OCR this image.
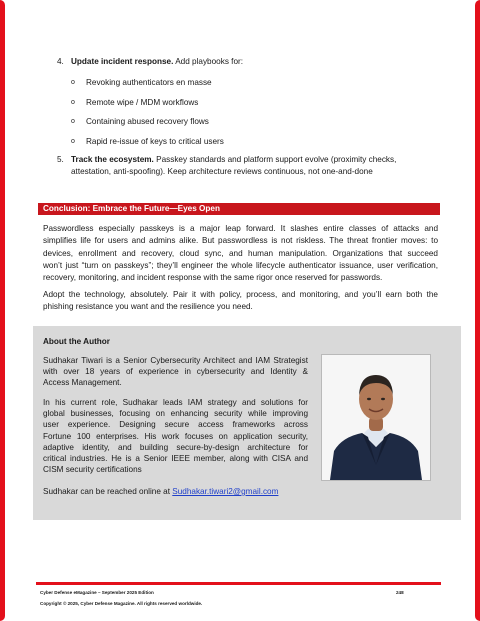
4. Update incident response. Add playbooks for:
o Revoking authenticators en masse
o Remote wipe / MDM workflows
o Containing abused recovery flows
o Rapid re-issue of keys to critical users
5. Track the ecosystem. Passkey standards and platform support evolve (proximity checks,
attestation, anti-spoofing). Keep architecture reviews continuous, not one-and-done
Conclusion: Embrace the Future—Eyes Open
Passwordless especially passkeys is a major leap forward. It slashes entire classes of attacks and
simplifies life for users and admins alike. But passwordless is not riskless. The threat frontier moves: to
devices, enrollment and recovery, cloud sync, and human manipulation. Organizations that succeed
won’t just “turn on passkeys”; they’ll engineer the whole lifecycle authenticator issuance, user verification,
recovery, monitoring, and incident response with the same rigor once reserved for passwords.
Adopt the technology, absolutely. Pair it with policy, process, and monitoring, and you’ll earn both the
phishing resistance you want and the resilience you need.
About the Author
Sudhakar Tiwari is a Senior Cybersecurity Architect and IAM Strategist
with over 18 years of experience in cybersecurity and Identity &
Access Management.
In his current role, Sudhakar leads IAM strategy and solutions for
global businesses, focusing on enhancing security while improving
user experience. Designing secure access frameworks across
Fortune 100 enterprises. His work focuses on application security,
adaptive identity, and building secure-by-design architecture for
critical industries. He is a Senior IEEE member, along with CISA and
CISM security certifications
Sudhakar can be reached online at Sudhakar.tiwari2@gmail.com
Cyber Defense eMagazine – September 2025 Edition	248
Copyright © 2025, Cyber Defense Magazine. All rights reserved worldwide.
